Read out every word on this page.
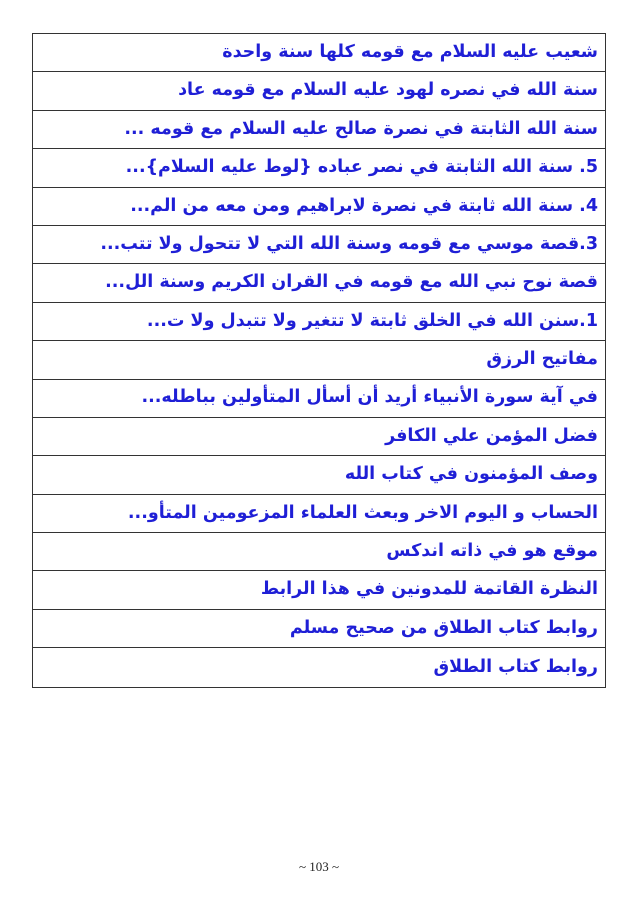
شعيب عليه السلام مع قومه كلها سنة واحدة
سنة الله في نصره لهود عليه السلام مع قومه عاد
سنة الله الثابتة في نصرة صالح عليه السلام مع قومه ...
5. سنة الله الثابتة في نصر عباده {لوط عليه السلام}...
4. سنة الله ثابتة في نصرة لابراهيم ومن معه من الم...
3.قصة موسي مع قومه وسنة الله التي لا تتحول ولا تتب...
قصة نوح نبي الله مع قومه في القران الكريم وسنة الل...
1.سنن الله في الخلق ثابتة لا تتغير ولا تتبدل ولا ت...
مفاتيح الرزق
في آية سورة الأنبياء أريد أن أسأل المتأولين بباطله...
فضل المؤمن علي الكافر
وصف المؤمنون في كتاب الله
الحساب و اليوم الاخر وبعث العلماء المزعومين المتأو...
موقع هو في ذاته اندكس
النظرة القاتمة للمدونين في هذا الرابط
روابط كتاب الطلاق من صحيح مسلم
روابط كتاب الطلاق
~ 103 ~
